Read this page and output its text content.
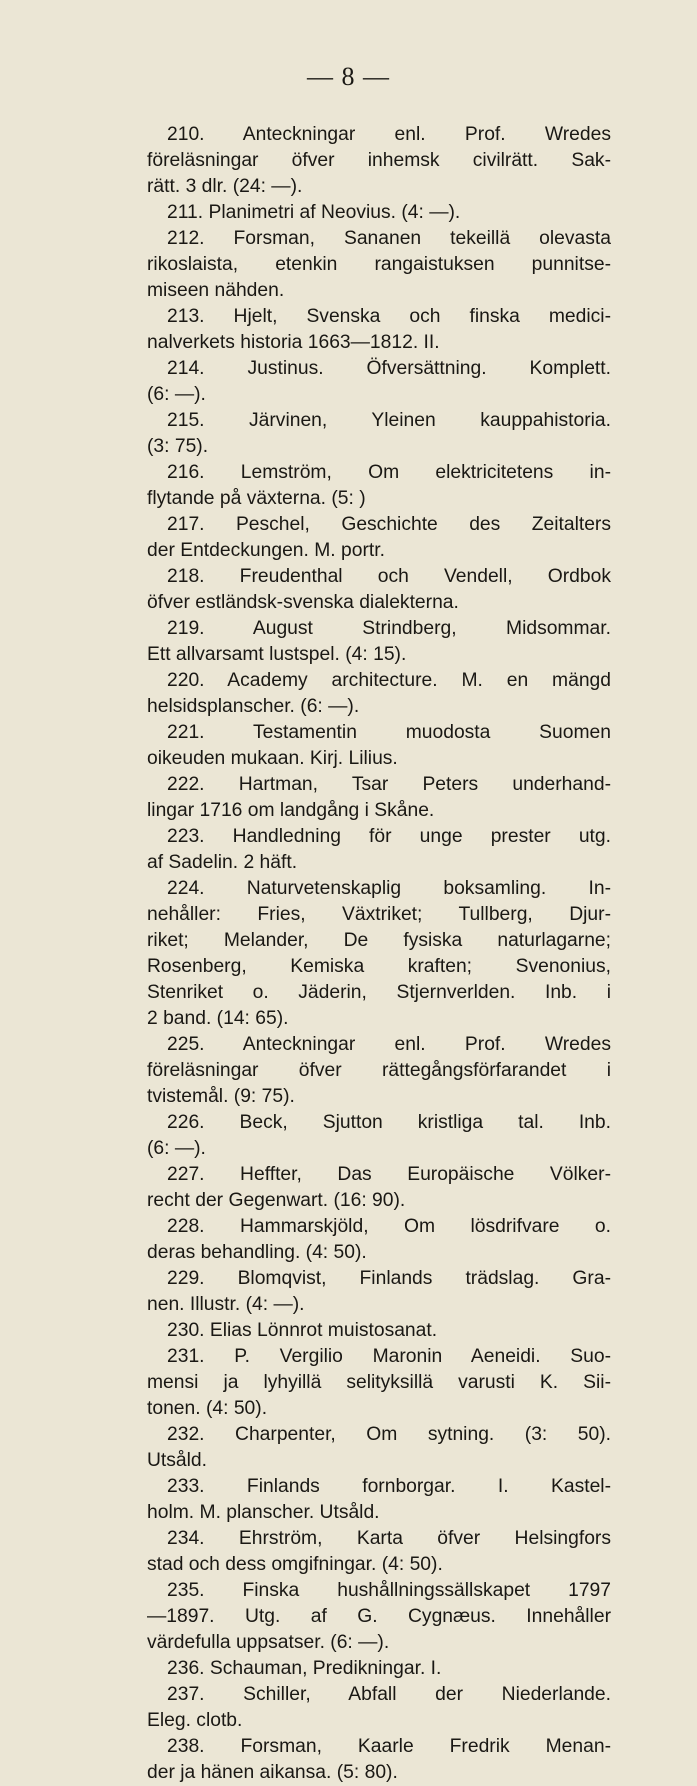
— 8 —
210. Anteckningar enl. Prof. Wredes
föreläsningar öfver inhemsk civilrätt. Sak-
rätt. 3 dlr. (24: —).
211. Planimetri af Neovius. (4: —).
212. Forsman, Sananen tekeillä olevasta
rikoslaista, etenkin rangaistuksen punnitse-
miseen nähden.
213. Hjelt, Svenska och finska medici-
nalverkets historia 1663—1812. II.
214. Justinus. Öfversättning. Komplett.
(6: —).
215. Järvinen, Yleinen kauppahistoria.
(3: 75).
216. Lemström, Om elektricitetens in-
flytande på växterna. (5: )
217. Peschel, Geschichte des Zeitalters
der Entdeckungen. M. portr.
218. Freudenthal och Vendell, Ordbok
öfver estländsk-svenska dialekterna.
219. August Strindberg, Midsommar.
Ett allvarsamt lustspel. (4: 15).
220. Academy architecture. M. en mängd
helsidsplanscher. (6: —).
221. Testamentin muodosta Suomen
oikeuden mukaan. Kirj. Lilius.
222. Hartman, Tsar Peters underhand-
lingar 1716 om landgång i Skåne.
223. Handledning för unge prester utg.
af Sadelin. 2 häft.
224. Naturvetenskaplig boksamling. In-
nehåller: Fries, Växtriket; Tullberg, Djur-
riket; Melander, De fysiska naturlagarne;
Rosenberg, Kemiska kraften; Svenonius,
Stenriket o. Jäderin, Stjernverlden. Inb. i
2 band. (14: 65).
225. Anteckningar enl. Prof. Wredes
föreläsningar öfver rättegångsförfarandet i
tvistemål. (9: 75).
226. Beck, Sjutton kristliga tal. Inb.
(6: —).
227. Heffter, Das Europäische Völker-
recht der Gegenwart. (16: 90).
228. Hammarskjöld, Om lösdrifvare o.
deras behandling. (4: 50).
229. Blomqvist, Finlands trädslag. Gra-
nen. Illustr. (4: —).
230. Elias Lönnrot muistosanat.
231. P. Vergilio Maronin Aeneidi. Suo-
mensi ja lyhyillä selityksillä varusti K. Sii-
tonen. (4: 50).
232. Charpenter, Om sytning. (3: 50).
Utsåld.
233. Finlands fornborgar. I. Kastel-
holm. M. planscher. Utsåld.
234. Ehrström, Karta öfver Helsingfors
stad och dess omgifningar. (4: 50).
235. Finska hushållningssällskapet 1797
—1897. Utg. af G. Cygnæus. Innehåller
värdefulla uppsatser. (6: —).
236. Schauman, Predikningar. I.
237. Schiller, Abfall der Niederlande.
Eleg. clotb.
238. Forsman, Kaarle Fredrik Menan-
der ja hänen aikansa. (5: 80).
